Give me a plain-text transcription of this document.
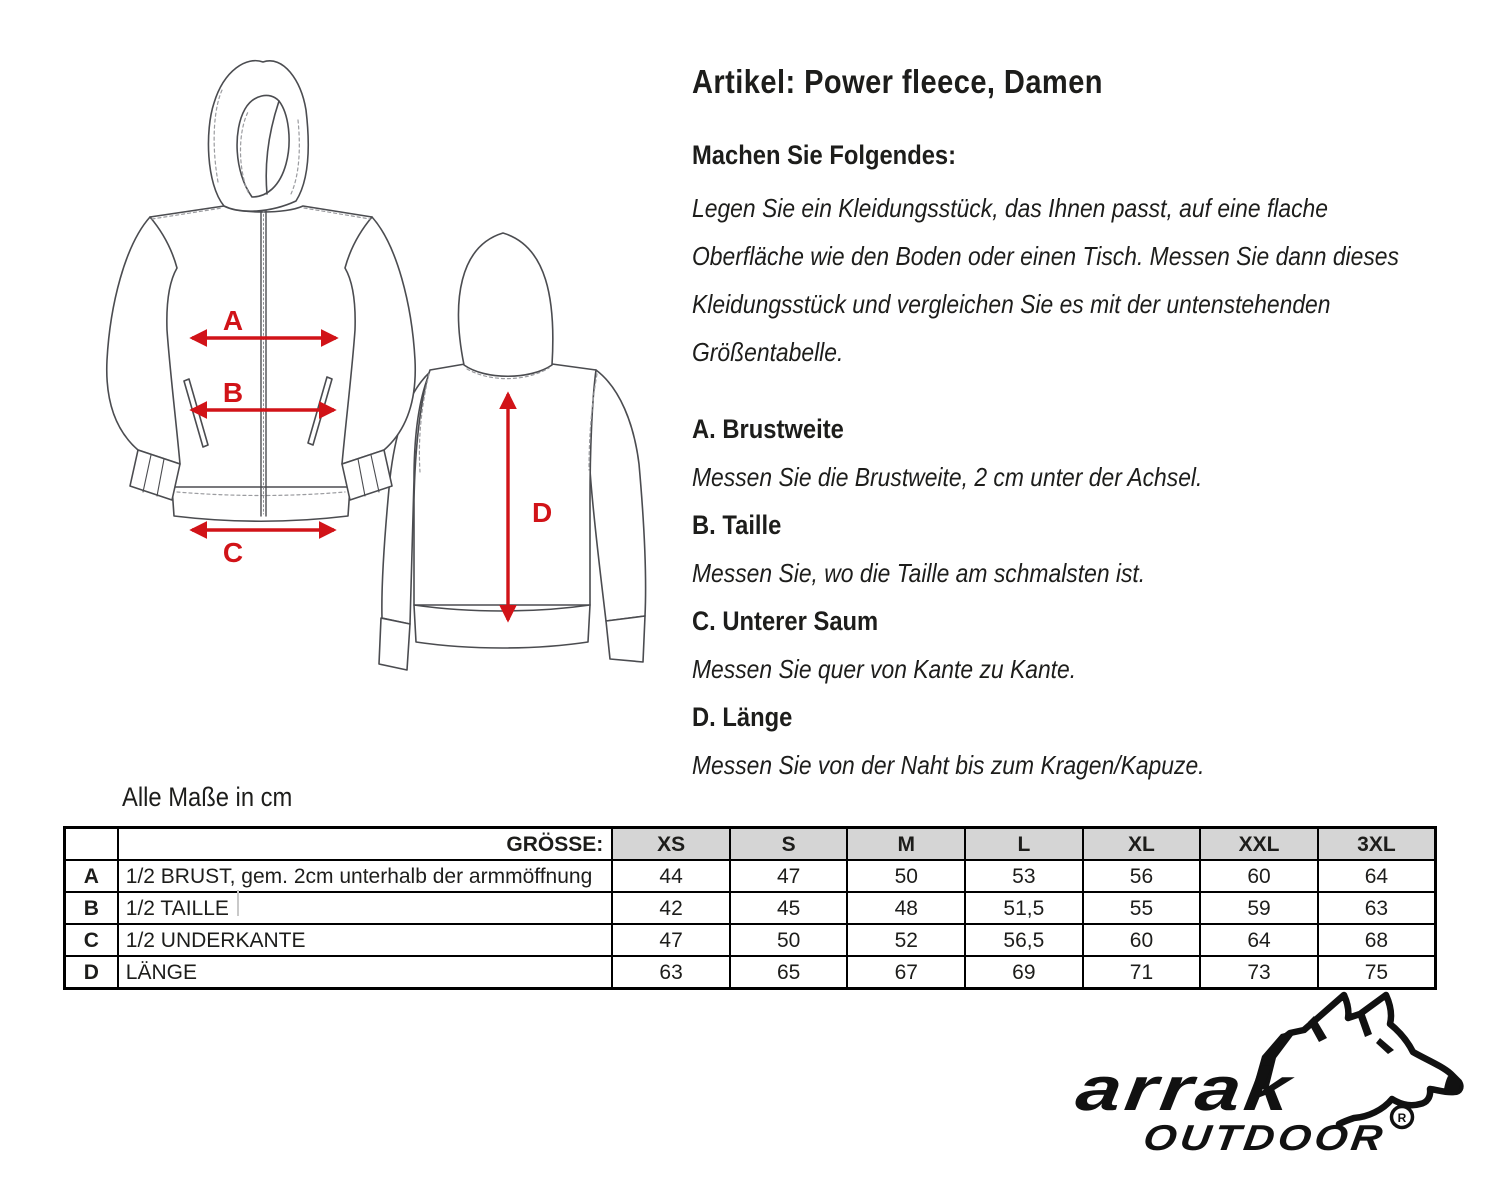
A
B
C
D
Artikel: Power fleece, Damen
Machen Sie Folgendes:
Legen Sie ein Kleidungsstück, das Ihnen passt, auf eine flache
Oberfläche wie den Boden oder einen Tisch. Messen Sie dann dieses
Kleidungsstück und vergleichen Sie es mit der untenstehenden
Größentabelle.
A. Brustweite
Messen Sie die Brustweite, 2 cm unter der Achsel.
B. Taille
Messen Sie, wo die Taille am schmalsten ist.
C. Unterer Saum
Messen Sie quer von Kante zu Kante.
D. Länge
Messen Sie von der Naht bis zum Kragen/Kapuze.
Alle Maße in cm
	GRÖSSE:	XS	S	M	L	XL	XXL	3XL
A	1/2 BRUST, gem. 2cm unterhalb der armmöffnung	44	47	50	53	56	60	64
B	1/2 TAILLE	42	45	48	51,5	55	59	63
C	1/2 UNDERKANTE	47	50	52	56,5	60	64	68
D	LÄNGE	63	65	67	69	71	73	75
arrak
OUTDOOR
R
